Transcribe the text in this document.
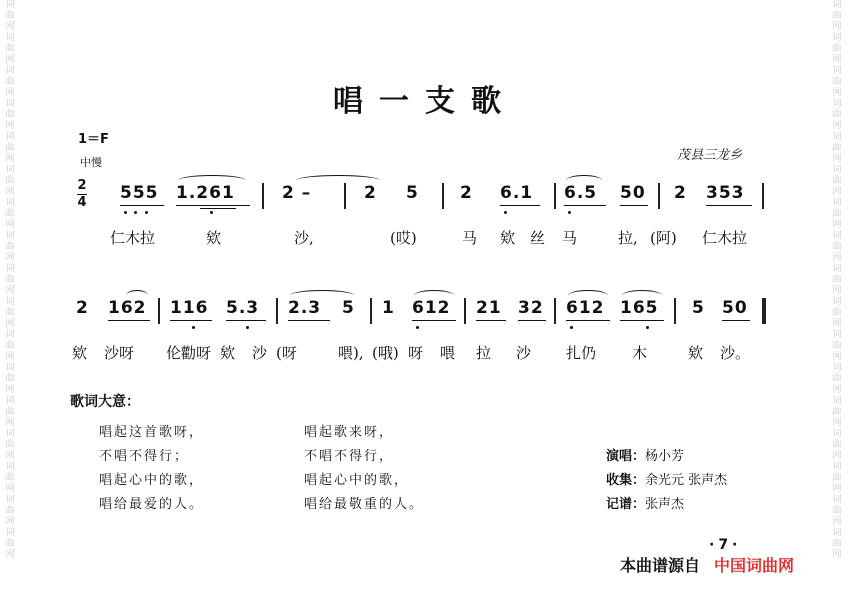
词曲网词曲网词曲网词曲网词曲网词曲网词曲网词曲网词曲网词曲网词曲网词曲网词曲网词曲网词曲网词曲网词曲网
词曲网词曲网词曲网词曲网词曲网词曲网词曲网词曲网词曲网词曲网词曲网词曲网词曲网词曲网词曲网词曲网词曲网
唱一支歌
1＝F
中慢	茂县三龙乡
2
4 555 1.261	2 –	2 5 2 6.1 6.5 50 2 353
仁木拉	欸	沙,	(哎)	马 欸 丝 马	拉, (阿) 仁木拉
2 162 116 5.3 2.3 5 1 612 21 32 612 165 5 50
欸 沙呀 伦勸呀 欸 沙 (呀	喂), (哦) 呀 喂 拉 沙 扎仍 木	欸 沙。
歌词大意：
唱起这首歌呀，
不唱不得行；
唱起心中的歌，
唱给最爱的人。
唱起歌来呀，
不唱不得行，
唱起心中的歌，
唱给最敬重的人。
演唱：杨小芳
收集：余光元 张声杰
记谱：张声杰
·7·
本曲谱源自 中国词曲网
